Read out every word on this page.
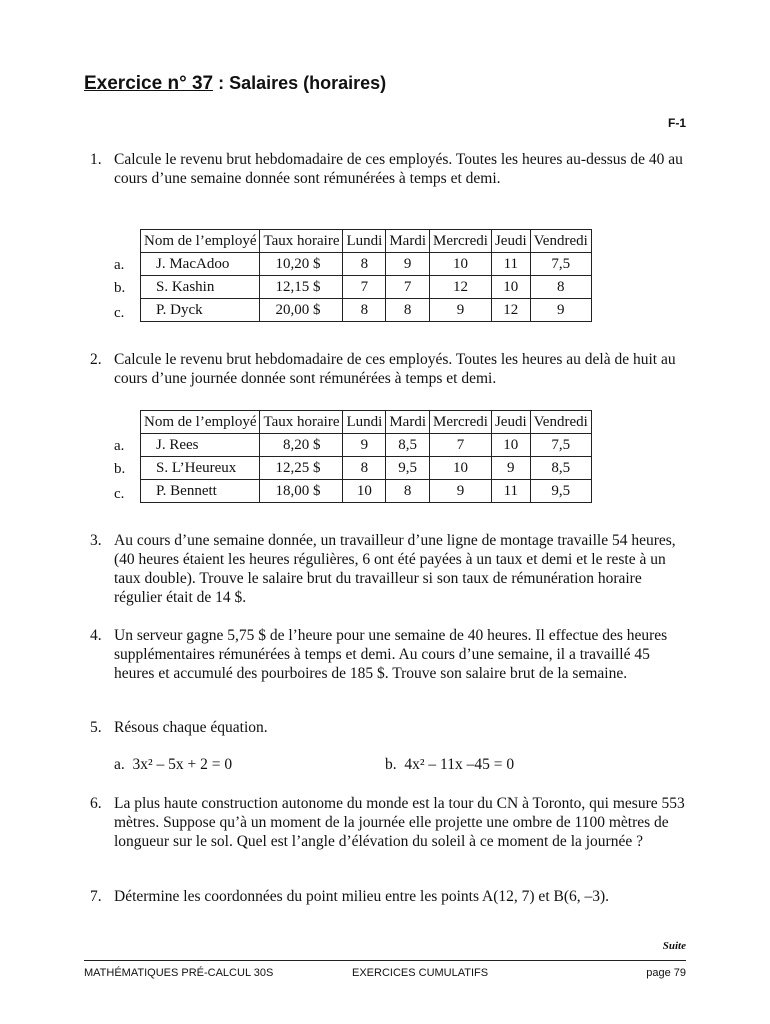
Exercice n° 37 : Salaires (horaires)
F-1
1. Calcule le revenu brut hebdomadaire de ces employés. Toutes les heures au-dessus de 40 au cours d’une semaine donnée sont rémunérées à temps et demi.
a.
b.
c.
Nom de l’employé	Taux horaire	Lundi	Mardi	Mercredi	Jeudi	Vendredi
J. MacAdoo	10,20 $	8	9	10	11	7,5
S. Kashin	12,15 $	7	7	12	10	8
P. Dyck	20,00 $	8	8	9	12	9
2. Calcule le revenu brut hebdomadaire de ces employés. Toutes les heures au delà de huit au cours d’une journée donnée sont rémunérées à temps et demi.
a.
b.
c.
Nom de l’employé	Taux horaire	Lundi	Mardi	Mercredi	Jeudi	Vendredi
J. Rees	8,20 $	9	8,5	7	10	7,5
S. L’Heureux	12,25 $	8	9,5	10	9	8,5
P. Bennett	18,00 $	10	8	9	11	9,5
3. Au cours d’une semaine donnée, un travailleur d’une ligne de montage travaille 54 heures, (40 heures étaient les heures régulières, 6 ont été payées à un taux et demi et le reste à un taux double). Trouve le salaire brut du travailleur si son taux de rémunération horaire régulier était de 14 $.
4. Un serveur gagne 5,75 $ de l’heure pour une semaine de 40 heures. Il effectue des heures supplémentaires rémunérées à temps et demi. Au cours d’une semaine, il a travaillé 45 heures et accumulé des pourboires de 185 $. Trouve son salaire brut de la semaine.
5. Résous chaque équation.
a. 3x² – 5x + 2 = 0	b. 4x² – 11x –45 = 0
6. La plus haute construction autonome du monde est la tour du CN à Toronto, qui mesure 553 mètres. Suppose qu’à un moment de la journée elle projette une ombre de 1100 mètres de longueur sur le sol. Quel est l’angle d’élévation du soleil à ce moment de la journée ?
7. Détermine les coordonnées du point milieu entre les points A(12, 7) et B(6, –3).
Suite
MATHÉMATIQUES PRÉ-CALCUL 30S	EXERCICES CUMULATIFS	page 79
